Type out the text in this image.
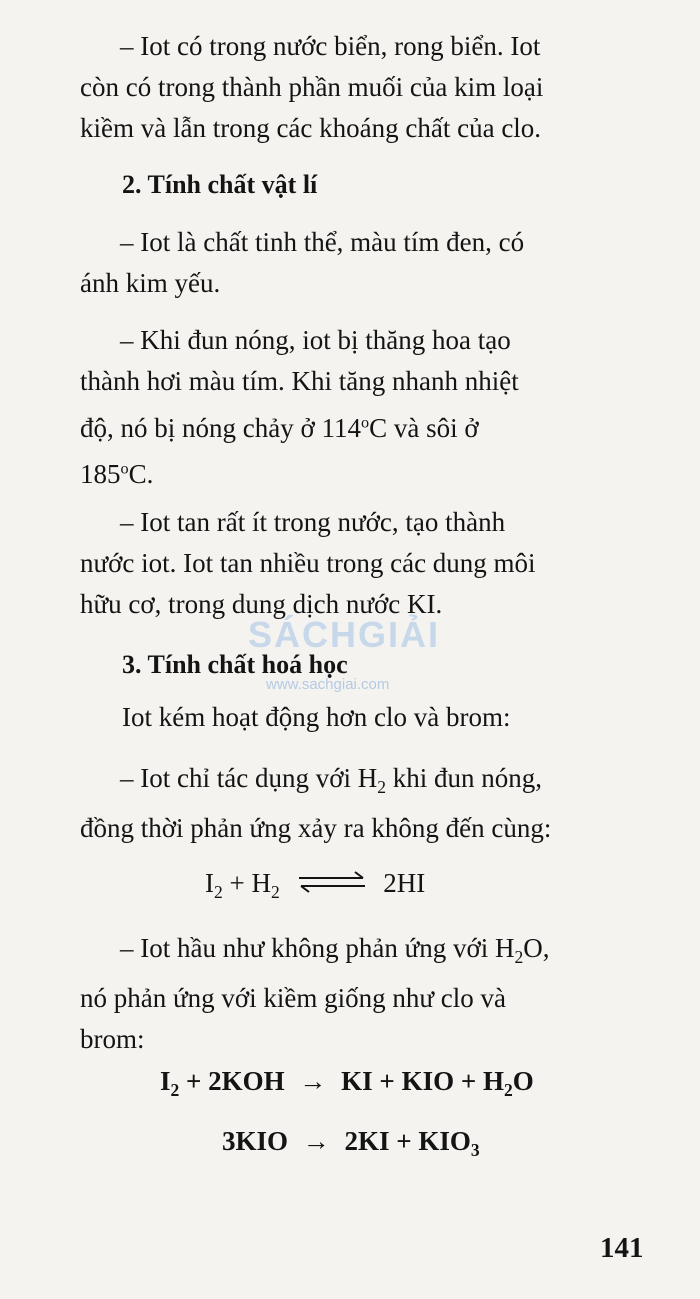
– Iot có trong nước biển, rong biển. Iot
còn có trong thành phần muối của kim loại
kiềm và lẫn trong các khoáng chất của clo.
2. Tính chất vật lí
– Iot là chất tinh thể, màu tím đen, có
ánh kim yếu.
– Khi đun nóng, iot bị thăng hoa tạo
thành hơi màu tím. Khi tăng nhanh nhiệt
độ, nó bị nóng chảy ở 114$^o$C và sôi ở
185$^o$C.
– Iot tan rất ít trong nước, tạo thành
nước iot. Iot tan nhiều trong các dung môi
hữu cơ, trong dung dịch nước KI.
SÁCHGIẢI
www.sachgiai.com
3. Tính chất hoá học
Iot kém hoạt động hơn clo và brom:
– Iot chỉ tác dụng với $H_2$ khi đun nóng,
đồng thời phản ứng xảy ra không đến cùng:
$I_2 + H_2$ ⇌ 2HI
– Iot hầu như không phản ứng với $H_2O$,
nó phản ứng với kiềm giống như clo và
brom:
$I_2 + 2KOH$ → KI + KIO + $H_2O$
$3KIO \to 2KI + KIO_3$
141
